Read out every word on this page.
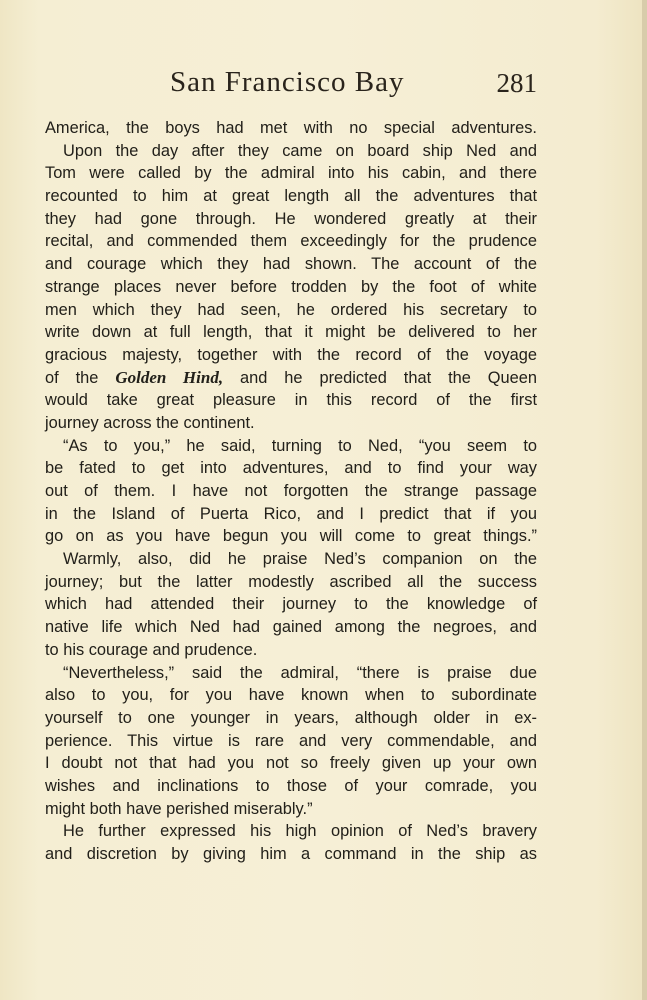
San Francisco Bay	281
America, the boys had met with no special adventures.
Upon the day after they came on board ship Ned and
Tom were called by the admiral into his cabin, and there
recounted to him at great length all the adventures that
they had gone through. He wondered greatly at their
recital, and commended them exceedingly for the prudence
and courage which they had shown. The account of the
strange places never before trodden by the foot of white
men which they had seen, he ordered his secretary to
write down at full length, that it might be delivered to her
gracious majesty, together with the record of the voyage
of the Golden Hind, and he predicted that the Queen
would take great pleasure in this record of the first
journey across the continent.
“As to you,” he said, turning to Ned, “you seem to
be fated to get into adventures, and to find your way
out of them. I have not forgotten the strange passage
in the Island of Puerta Rico, and I predict that if you
go on as you have begun you will come to great things.”
Warmly, also, did he praise Ned’s companion on the
journey; but the latter modestly ascribed all the success
which had attended their journey to the knowledge of
native life which Ned had gained among the negroes, and
to his courage and prudence.
“Nevertheless,” said the admiral, “there is praise due
also to you, for you have known when to subordinate
yourself to one younger in years, although older in ex-
perience. This virtue is rare and very commendable, and
I doubt not that had you not so freely given up your own
wishes and inclinations to those of your comrade, you
might both have perished miserably.”
He further expressed his high opinion of Ned’s bravery
and discretion by giving him a command in the ship as
